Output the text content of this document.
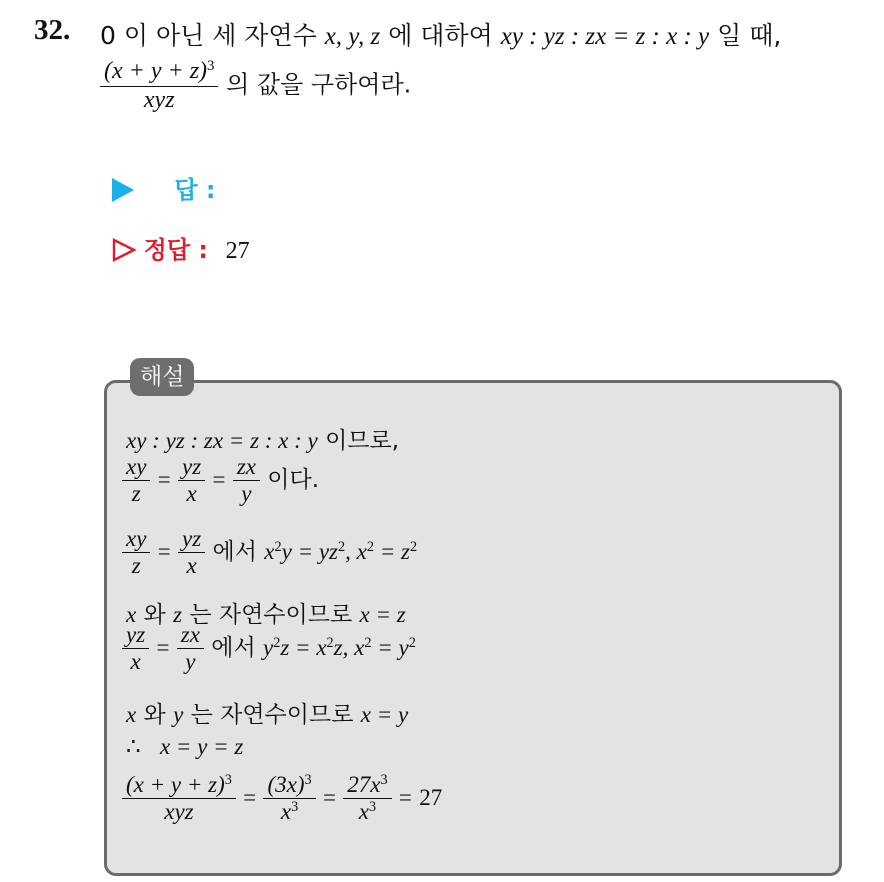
32. 0 이 아닌 세 자연수 x, y, z 에 대하여 xy : yz : zx = z : x : y 일 때,
$\frac{(x + y + z)^3}{\text{xyz}}$ 의 값을 구하여라.
답 :
정답 : 27
해설
xy : yz : zx = z : x : y 이므로,
$\frac{xy}{z} = \frac{yz}{x} = \frac{zx}{y}$ 이다.
$\frac{xy}{z} = \frac{yz}{x}$ 에서 $x^2y = yz^2$, $x^2 = z^2$
x 와 z 는 자연수이므로 x = z
$\frac{yz}{x} = \frac{zx}{y}$ 에서 $y^2z = x^2z$, $x^2 = y^2$
x 와 y 는 자연수이므로 x = y
∴ x = y = z
$\frac{(x + y + z)^3}{\text{xyz}} = \frac{(3x)^3}{x^3} = \frac{27x^3}{x^3} = 27$
